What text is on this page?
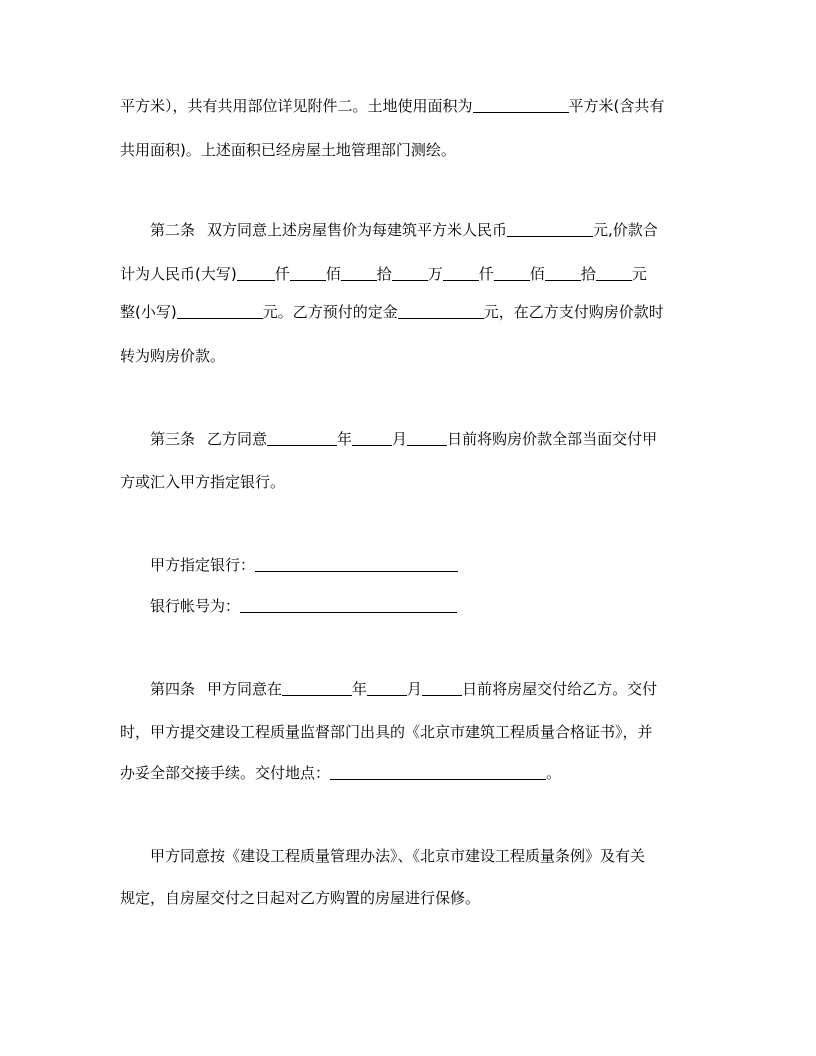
平方米），共有共用部位详见附件二。土地使用面积为	平方米(含共有
共用面积)。上述面积已经房屋土地管理部门测绘。
第二条 双方同意上述房屋售价为每建筑平方米人民币	元,价款合
计为人民币(大写)	仟 佰 拾 万 仟 佰 拾 元
整(小写)	元。乙方预付的定金	元，在乙方支付购房价款时
转为购房价款。
第三条 乙方同意	年	月	日前将购房价款全部当面交付甲
方或汇入甲方指定银行。
甲方指定银行：
银行帐号为：
第四条 甲方同意在	年	月	日前将房屋交付给乙方。交付
时，甲方提交建设工程质量监督部门出具的《北京市建筑工程质量合格证书》，并
办妥全部交接手续。交付地点：	。
甲方同意按《建设工程质量管理办法》、《北京市建设工程质量条例》及有关
规定，自房屋交付之日起对乙方购置的房屋进行保修。
